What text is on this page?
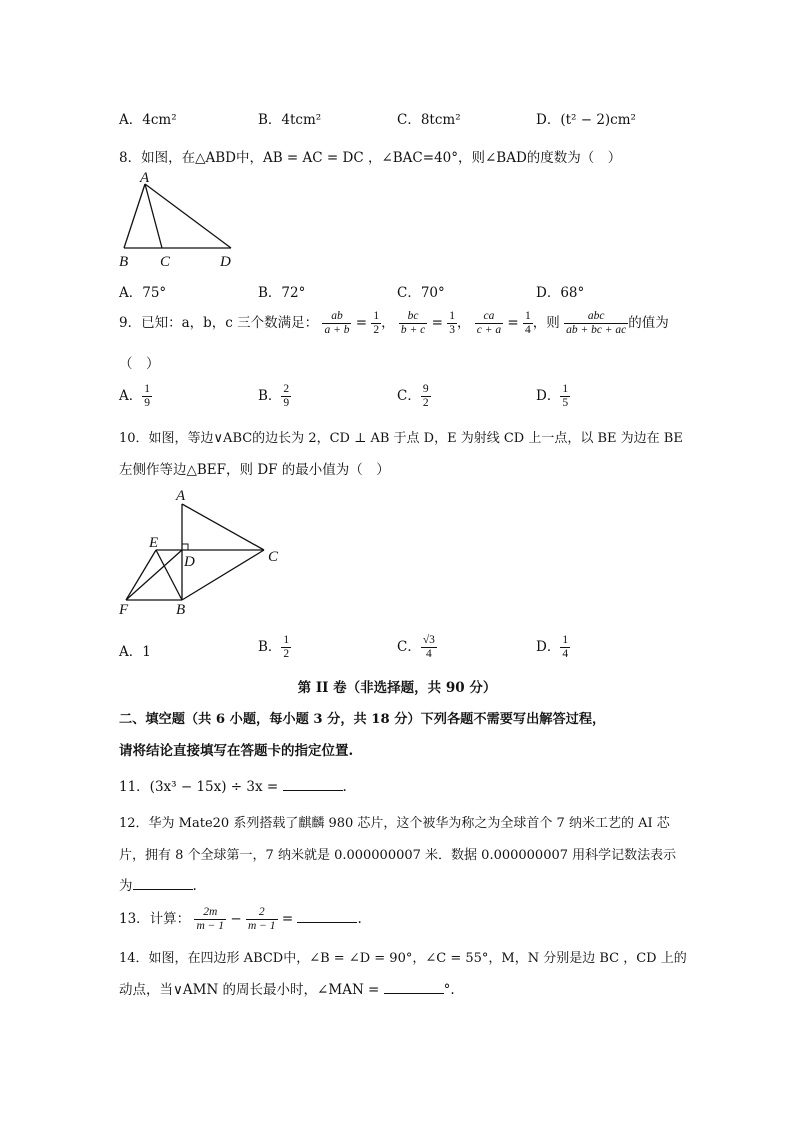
A．4cm²	B．4tcm²	C．8tcm²	D．(t² − 2)cm²
8．如图，在△ABD中，AB = AC = DC ，∠BAC=40°，则∠BAD的度数为（　）
A
B C	D
A．75°	B．72°	C．70°	D．68°
9．已知：a，b，c 三个数满足： $\frac{ab}{a + b} = \frac{1}{2}$ ， $\frac{bc}{b + c} = \frac{1}{3}$ ， $\frac{ca}{c + a} = \frac{1}{4}$ ，则 $\frac{\text{abc}}{ab + bc + ac}$ 的值为
（　）
A． $\frac{1}{9}$	B． $\frac{2}{9}$	C． $\frac{9}{2}$	D． $\frac{1}{5}$
10．如图，等边∨ABC的边长为 2，CD ⊥ AB 于点 D，E 为射线 CD 上一点，以 BE 为边在 BE
左侧作等边△BEF，则 DF 的最小值为（　）
A
E
D	C
F	B
A．1	B． $\frac{1}{2}$	C． $\frac{√3}{4}$	D． $\frac{1}{4}$
第 II 卷（非选择题，共 90 分）
二、填空题（共 6 小题，每小题 3 分，共 18 分）下列各题不需要写出解答过程，
请将结论直接填写在答题卡的指定位置.
11．(3x³ − 15x) ÷ 3x =	.
12．华为 Mate20 系列搭载了麒麟 980 芯片，这个被华为称之为全球首个 7 纳米工艺的 AI 芯
片，拥有 8 个全球第一，7 纳米就是 0.000000007 米．数据 0.000000007 用科学记数法表示
为	.
13．计算： $\frac{2m}{m - 1} - \frac{2}{m - 1}$ =	.
14．如图，在四边形 ABCD中，∠B = ∠D = 90°，∠C = 55°，M，N 分别是边 BC ，CD 上的
动点，当∨AMN 的周长最小时，∠MAN =	°.
